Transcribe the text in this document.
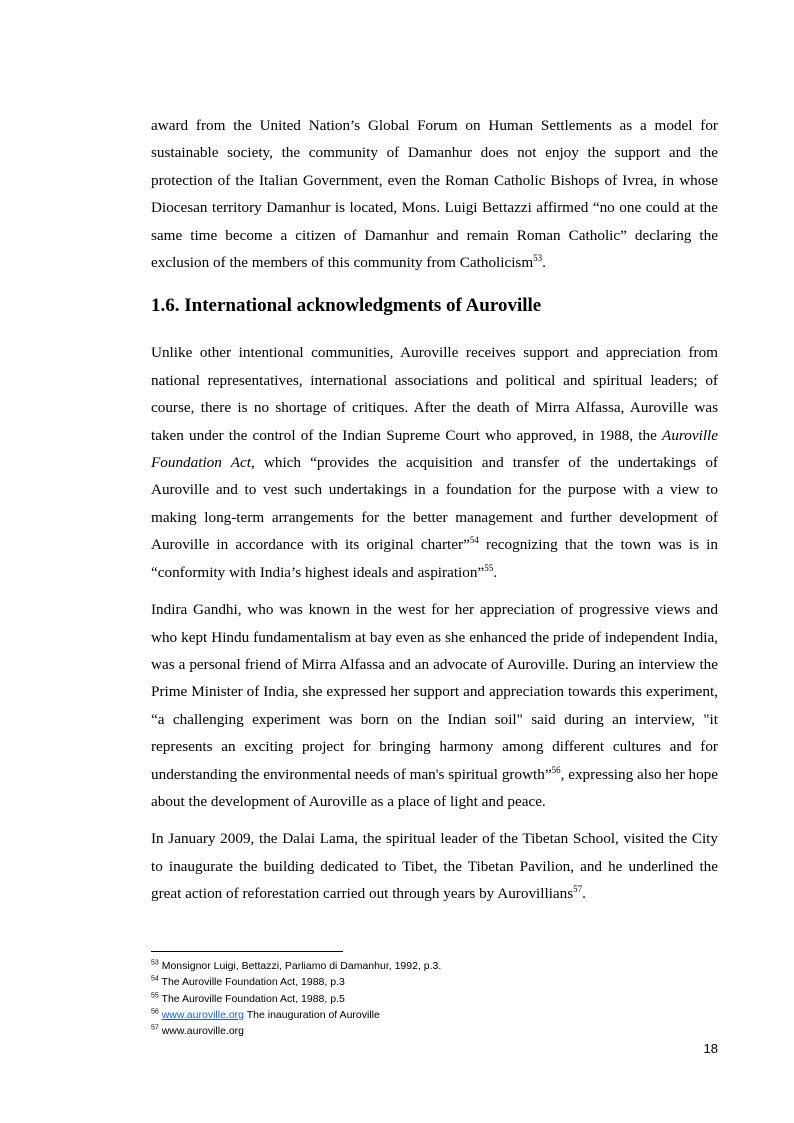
award from the United Nation’s Global Forum on Human Settlements as a model for sustainable society, the community of Damanhur does not enjoy the support and the protection of the Italian Government, even the Roman Catholic Bishops of Ivrea, in whose Diocesan territory Damanhur is located, Mons. Luigi Bettazzi affirmed “no one could at the same time become a citizen of Damanhur and remain Roman Catholic” declaring the exclusion of the members of this community from Catholicism$^{53}$.

1.6. International acknowledgments of Auroville

Unlike other intentional communities, Auroville receives support and appreciation from national representatives, international associations and political and spiritual leaders; of course, there is no shortage of critiques. After the death of Mirra Alfassa, Auroville was taken under the control of the Indian Supreme Court who approved, in 1988, the Auroville Foundation Act, which “provides the acquisition and transfer of the undertakings of Auroville and to vest such undertakings in a foundation for the purpose with a view to making long-term arrangements for the better management and further development of Auroville in accordance with its original charter”$^{54}$ recognizing that the town was is in “conformity with India’s highest ideals and aspiration”$^{55}$.

Indira Gandhi, who was known in the west for her appreciation of progressive views and who kept Hindu fundamentalism at bay even as she enhanced the pride of independent India, was a personal friend of Mirra Alfassa and an advocate of Auroville. During an interview the Prime Minister of India, she expressed her support and appreciation towards this experiment, “a challenging experiment was born on the Indian soil" said during an interview, "it represents an exciting project for bringing harmony among different cultures and for understanding the environmental needs of man's spiritual growth”$^{56}$, expressing also her hope about the development of Auroville as a place of light and peace.

In January 2009, the Dalai Lama, the spiritual leader of the Tibetan School, visited the City to inaugurate the building dedicated to Tibet, the Tibetan Pavilion, and he underlined the great action of reforestation carried out through years by Aurovillians$^{57}$.

$^{53}$ Monsignor Luigi, Bettazzi, Parliamo di Damanhur, 1992, p.3.
$^{54}$ The Auroville Foundation Act, 1988, p.3
$^{55}$ The Auroville Foundation Act, 1988, p.5
$^{56}$ www.auroville.org The inauguration of Auroville
$^{57}$ www.auroville.org
18
